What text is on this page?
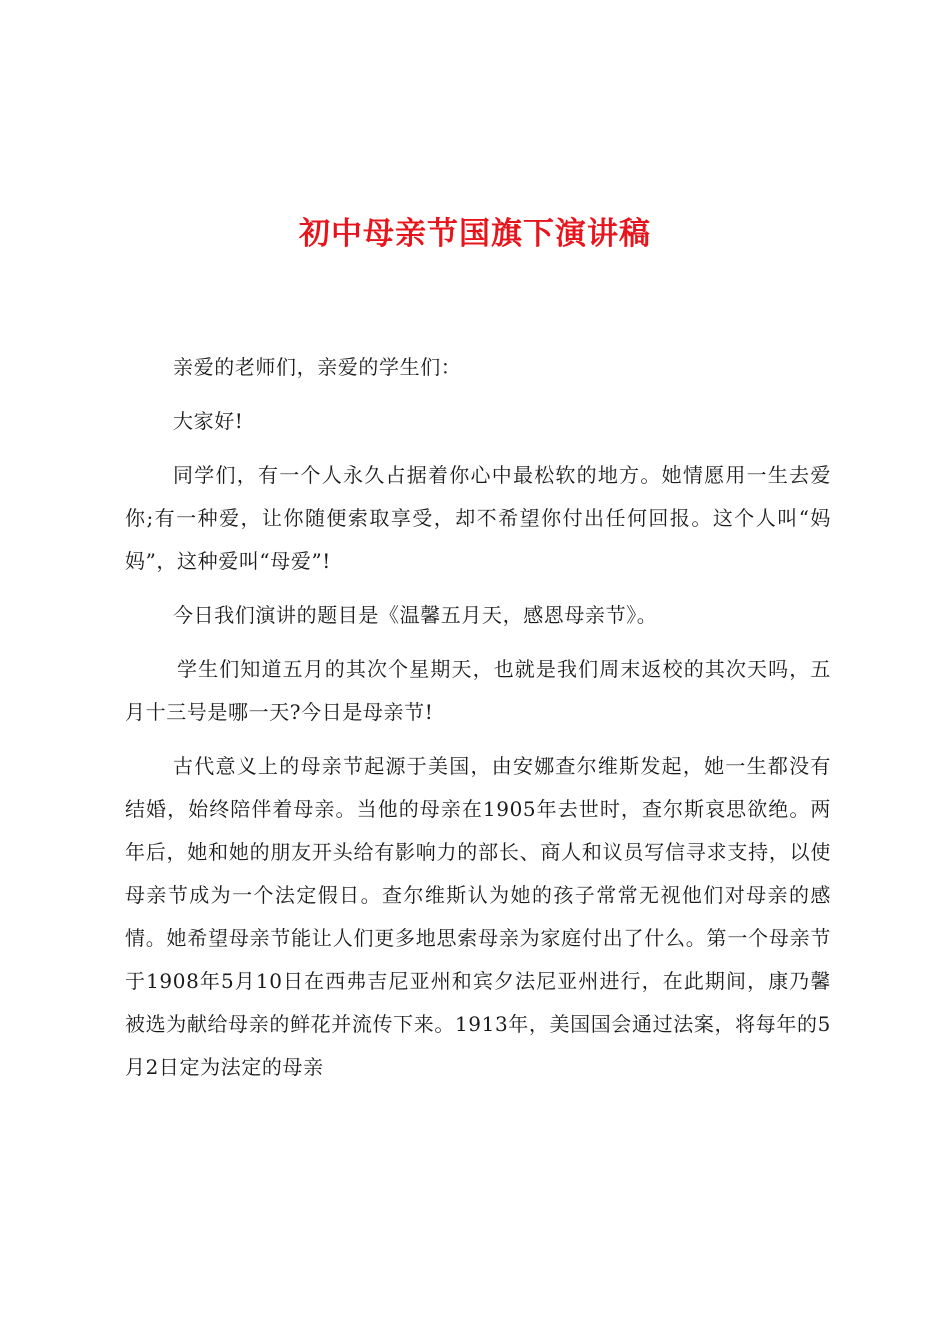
初中母亲节国旗下演讲稿

亲爱的老师们，亲爱的学生们：

大家好!

同学们，有一个人永久占据着你心中最松软的地方。她情愿用一生去爱你;有一种爱，让你随便索取享受，却不希望你付出任何回报。这个人叫“妈妈”，这种爱叫“母爱”!

今日我们演讲的题目是《温馨五月天，感恩母亲节》。

学生们知道五月的其次个星期天，也就是我们周末返校的其次天吗，五月十三号是哪一天?今日是母亲节!

古代意义上的母亲节起源于美国，由安娜查尔维斯发起，她一生都没有结婚，始终陪伴着母亲。当他的母亲在1905年去世时，查尔斯哀思欲绝。两年后，她和她的朋友开头给有影响力的部长、商人和议员写信寻求支持，以使母亲节成为一个法定假日。查尔维斯认为她的孩子常常无视他们对母亲的感情。她希望母亲节能让人们更多地思索母亲为家庭付出了什么。第一个母亲节于1908年5月10日在西弗吉尼亚州和宾夕法尼亚州进行，在此期间，康乃馨被选为献给母亲的鲜花并流传下来。1913年，美国国会通过法案，将每年的5月2日定为法定的母亲
